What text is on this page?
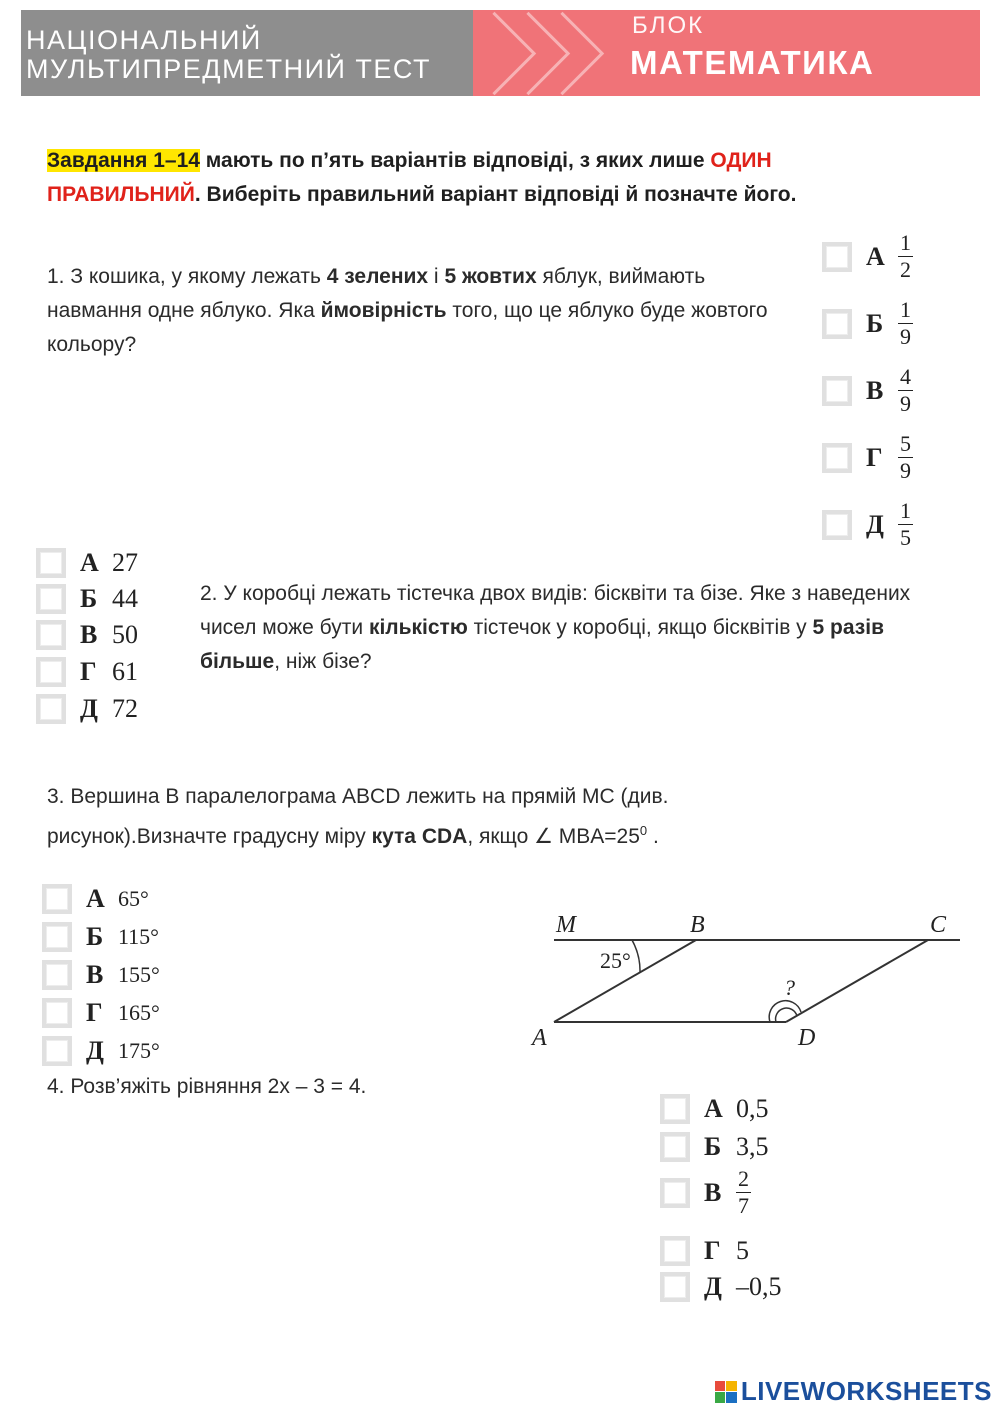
НАЦІОНАЛЬНИЙ
МУЛЬТИПРЕДМЕТНИЙ ТЕСТ
БЛОК
МАТЕМАТИКА
Завдання 1–14 мають по п’ять варіантів відповіді, з яких лише ОДИН ПРАВИЛЬНИЙ. Виберіть правильний варіант відповіді й позначте його.
1. З кошика, у якому лежать 4 зелених і 5 жовтих яблук, виймають навмання одне яблуко. Яка ймовірність того, що це яблуко буде жовтого кольору?
А $\frac{1}{2}$
Б $\frac{1}{9}$
В $\frac{4}{9}$
Г $\frac{5}{9}$
Д $\frac{1}{5}$
А 27
Б 44
В 50
Г 61
Д 72
2. У коробці лежать тістечка двох видів: бісквіти та бізе. Яке з наведених чисел може бути кількістю тістечок у коробці, якщо бісквітів у 5 разів більше, ніж бізе?
3. Вершина B паралелограма ABCD лежить на прямій MC (див. рисунок).Визначте градусну міру кута CDA, якщо ∠ $MBA=25^0$ .
А 65°
Б 115°
В 155°
Г 165°
Д 175°
M	B	C
A	D
25°
?
4. Розв’яжіть рівняння 2x – 3 = 4.
А 0,5
Б 3,5
В $\frac{2}{7}$
Г 5
Д –0,5
LIVEWORKSHEETS
